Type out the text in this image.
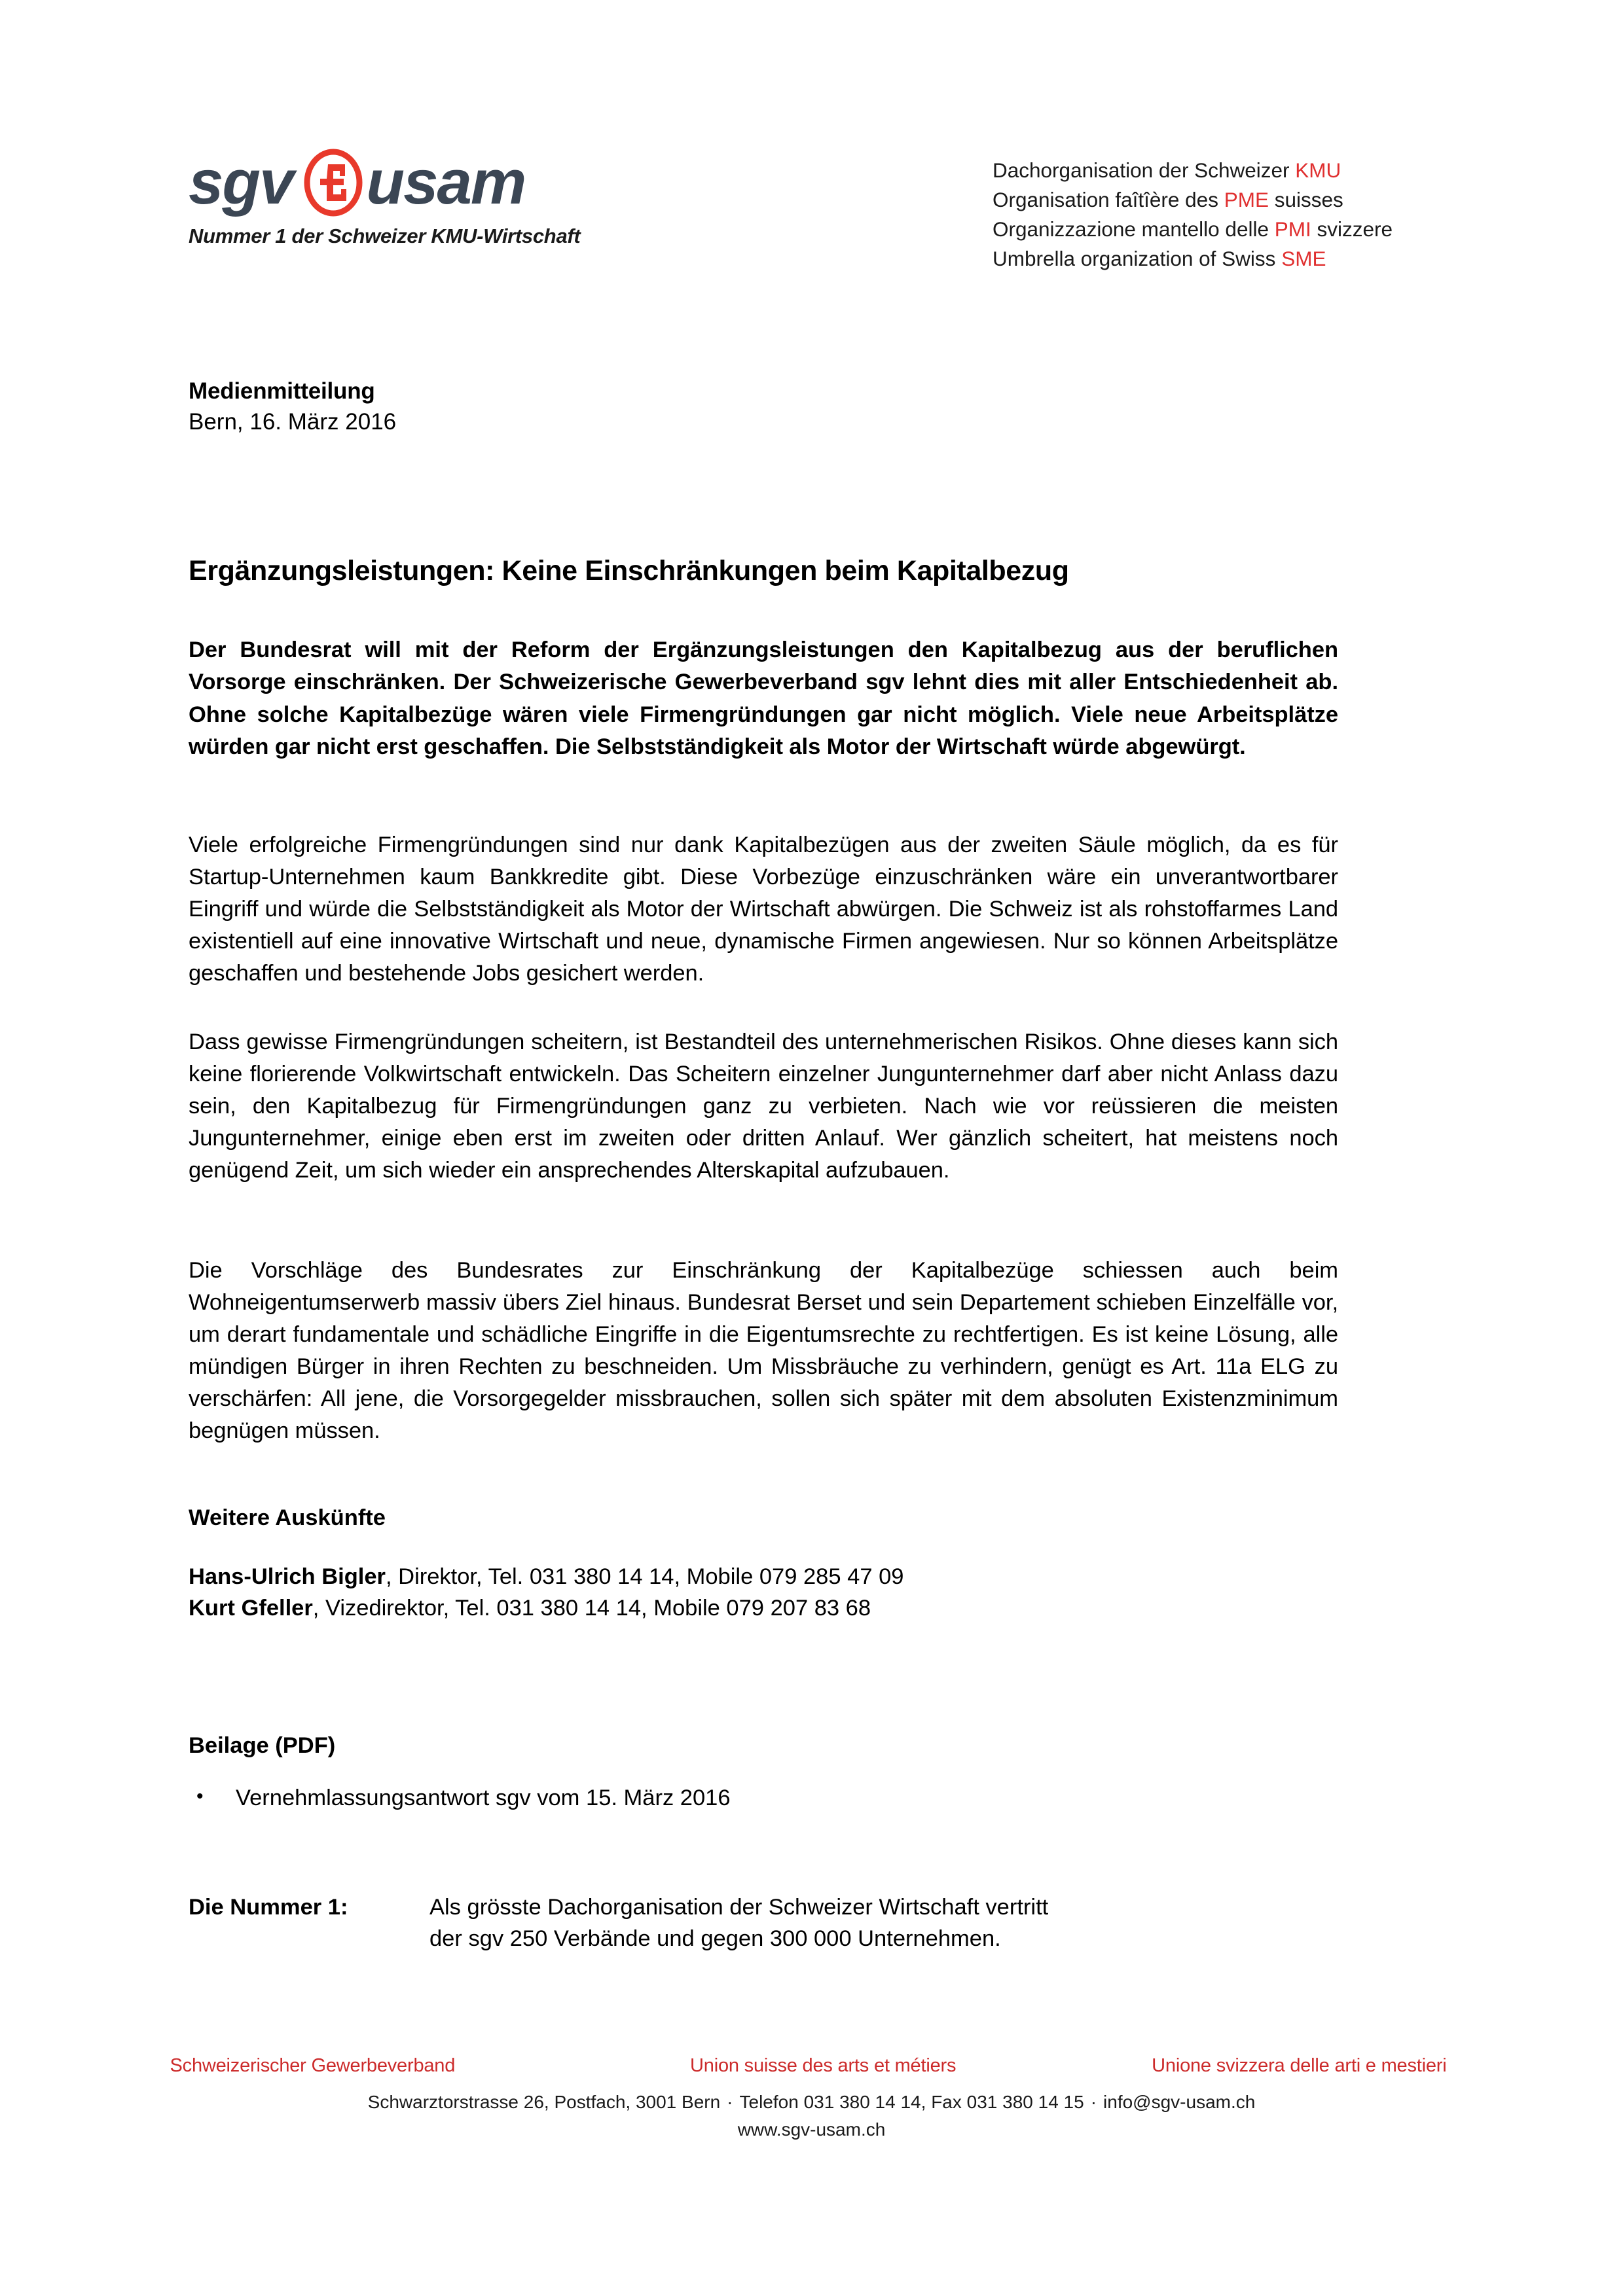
sgv usam
Nummer 1 der Schweizer KMU-Wirtschaft
Dachorganisation der Schweizer KMU
Organisation faîtîère des PME suisses
Organizzazione mantello delle PMI svizzere
Umbrella organization of Swiss SME
Medienmitteilung
Bern, 16. März 2016
Ergänzungsleistungen: Keine Einschränkungen beim Kapitalbezug

Der Bundesrat will mit der Reform der Ergänzungsleistungen den Kapitalbezug aus der beruflichen Vorsorge einschränken. Der Schweizerische Gewerbeverband sgv lehnt dies mit aller Entschiedenheit ab. Ohne solche Kapitalbezüge wären viele Firmengründungen gar nicht möglich. Viele neue Arbeitsplätze würden gar nicht erst geschaffen. Die Selbstständigkeit als Motor der Wirtschaft würde abgewürgt.

Viele erfolgreiche Firmengründungen sind nur dank Kapitalbezügen aus der zweiten Säule möglich, da es für Startup-Unternehmen kaum Bankkredite gibt. Diese Vorbezüge einzuschränken wäre ein unverantwortbarer Eingriff und würde die Selbstständigkeit als Motor der Wirtschaft abwürgen. Die Schweiz ist als rohstoffarmes Land existentiell auf eine innovative Wirtschaft und neue, dynamische Firmen angewiesen. Nur so können Arbeitsplätze geschaffen und bestehende Jobs gesichert werden.

Dass gewisse Firmengründungen scheitern, ist Bestandteil des unternehmerischen Risikos. Ohne dieses kann sich keine florierende Volkwirtschaft entwickeln. Das Scheitern einzelner Jungunternehmer darf aber nicht Anlass dazu sein, den Kapitalbezug für Firmengründungen ganz zu verbieten. Nach wie vor reüssieren die meisten Jungunternehmer, einige eben erst im zweiten oder dritten Anlauf. Wer gänzlich scheitert, hat meistens noch genügend Zeit, um sich wieder ein ansprechendes Alterskapital aufzubauen.

Die Vorschläge des Bundesrates zur Einschränkung der Kapitalbezüge schiessen auch beim Wohneigentumserwerb massiv übers Ziel hinaus. Bundesrat Berset und sein Departement schieben Einzelfälle vor, um derart fundamentale und schädliche Eingriffe in die Eigentumsrechte zu rechtfertigen. Es ist keine Lösung, alle mündigen Bürger in ihren Rechten zu beschneiden. Um Missbräuche zu verhindern, genügt es Art. 11a ELG zu verschärfen: All jene, die Vorsorgegelder missbrauchen, sollen sich später mit dem absoluten Existenzminimum begnügen müssen.

Weitere Auskünfte
Hans-Ulrich Bigler, Direktor, Tel. 031 380 14 14, Mobile 079 285 47 09
Kurt Gfeller, Vizedirektor, Tel. 031 380 14 14, Mobile 079 207 83 68
Beilage (PDF)
• Vernehmlassungsantwort sgv vom 15. März 2016
Die Nummer 1:	Als grösste Dachorganisation der Schweizer Wirtschaft vertritt
der sgv 250 Verbände und gegen 300 000 Unternehmen.
Schweizerischer Gewerbeverband	Union suisse des arts et métiers	Unione svizzera delle arti e mestieri
Schwarztorstrasse 26, Postfach, 3001 Bern · Telefon 031 380 14 14, Fax 031 380 14 15 · info@sgv-usam.ch
www.sgv-usam.ch
